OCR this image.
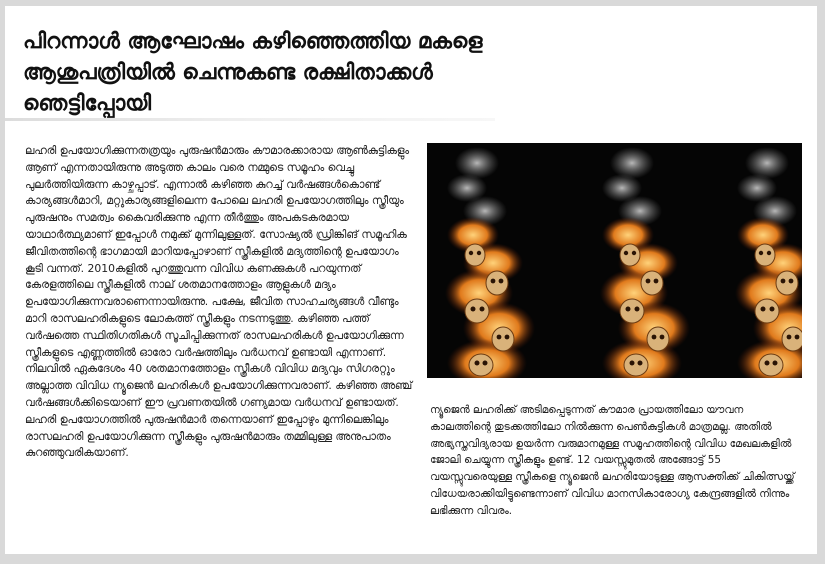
പിറന്നാൾ ആഘോഷം കഴിഞ്ഞെത്തിയ മകളെ ആശുപത്രിയിൽ ചെന്നുകണ്ട രക്ഷിതാക്കൾ ഞെട്ടിപ്പോയി

ലഹരി ഉപയോഗിക്കുന്നതത്രയും പുരുഷൻമാരും കൗമാരക്കാരായ ആൺകുട്ടികളും ആണ് എന്നതായിരുന്നു അടുത്ത കാലം വരെ നമ്മുടെ സമൂഹം വെച്ചു പുലർത്തിയിരുന്ന കാഴ്ചപ്പാട്. എന്നാൽ കഴിഞ്ഞ കുറച്ച് വർഷങ്ങൾകൊണ്ട് കാര്യങ്ങൾമാറി, മറ്റുകാര്യങ്ങളിലെന്ന പോലെ ലഹരി ഉപയോഗത്തിലും സ്ത്രീയും പുരുഷനും സമത്വം കൈവരിക്കുന്നു എന്ന തീർത്തും അപകടകരമായ യാഥാർത്ഥ്യമാണ് ഇപ്പോൾ നമുക്ക് മുന്നിലുള്ളത്. സോഷ്യൽ ഡ്രിങ്കിങ് സമൂഹിക ജീവിതത്തിന്റെ ഭാഗമായി മാറിയപ്പോഴാണ് സ്ത്രീകളിൽ മദ്യത്തിന്റെ ഉപയോഗം കൂടി വന്നത്. 2010കളിൽ പുറത്തുവന്ന വിവിധ കണക്കുകൾ പറയുന്നത് കേരളത്തിലെ സ്ത്രീകളിൽ നാല് ശതമാനത്തോളം ആളുകൾ മദ്യം ഉപയോഗിക്കുന്നവരാണെന്നായിരുന്നു. പക്ഷേ, ജീവിത സാഹചര്യങ്ങൾ വീണ്ടും മാറി രാസലഹരികളുടെ ലോകത്ത് സ്ത്രീകളും നടന്നടുത്തു. കഴിഞ്ഞ പത്ത് വർഷത്തെ സ്ഥിതിഗതികൾ സൂചിപ്പിക്കുന്നത് രാസലഹരികൾ ഉപയോഗിക്കുന്ന സ്ത്രീകളുടെ എണ്ണത്തിൽ ഓരോ വർഷത്തിലും വർധനവ് ഉണ്ടായി എന്നാണ്. നിലവിൽ ഏകദേശം 40 ശതമാനത്തോളം സ്ത്രീകൾ വിവിധ മദ്യവും സിഗരറ്റും അല്ലാത്ത വിവിധ ന്യൂജെൻ ലഹരികൾ ഉപയോഗിക്കുന്നവരാണ്. കഴിഞ്ഞ അഞ്ച് വർഷങ്ങൾക്കിടെയാണ് ഈ പ്രവണതയിൽ ഗണ്യമായ വർധനവ് ഉണ്ടായത്. ലഹരി ഉപയോഗത്തിൽ പുരുഷൻമാർ തന്നെയാണ് ഇപ്പോഴും മുന്നിലെങ്കിലും രാസലഹരി ഉപയോഗിക്കുന്ന സ്ത്രീകളും പുരുഷൻമാരും തമ്മിലുള്ള അനുപാതം കുറഞ്ഞുവരികയാണ്.

ന്യൂജെൻ ലഹരിക്ക് അടിമപ്പെടുന്നത് കൗമാര പ്രായത്തിലോ യൗവന കാലത്തിന്റെ തുടക്കത്തിലോ നിൽക്കുന്ന പെൺകുട്ടികൾ മാത്രമല്ല. അതിൽ അഭ്യസ്തവിദ്യരായ ഉയർന്ന വരുമാനമുള്ള സമൂഹത്തിന്റെ വിവിധ മേഖലകളിൽ ജോലി ചെയ്യുന്ന സ്ത്രീകളും ഉണ്ട്. 12 വയസ്സുമുതൽ അങ്ങോട്ട് 55 വയസ്സുവരെയുള്ള സ്ത്രീകളെ ന്യൂജെൻ ലഹരിയോടുള്ള ആസക്തിക്ക് ചികിത്സയ്ക്ക് വിധേയരാക്കിയിട്ടുണ്ടെന്നാണ് വിവിധ മാനസികാരോഗ്യ കേന്ദ്രങ്ങളിൽ നിന്നും ലഭിക്കുന്ന വിവരം.
